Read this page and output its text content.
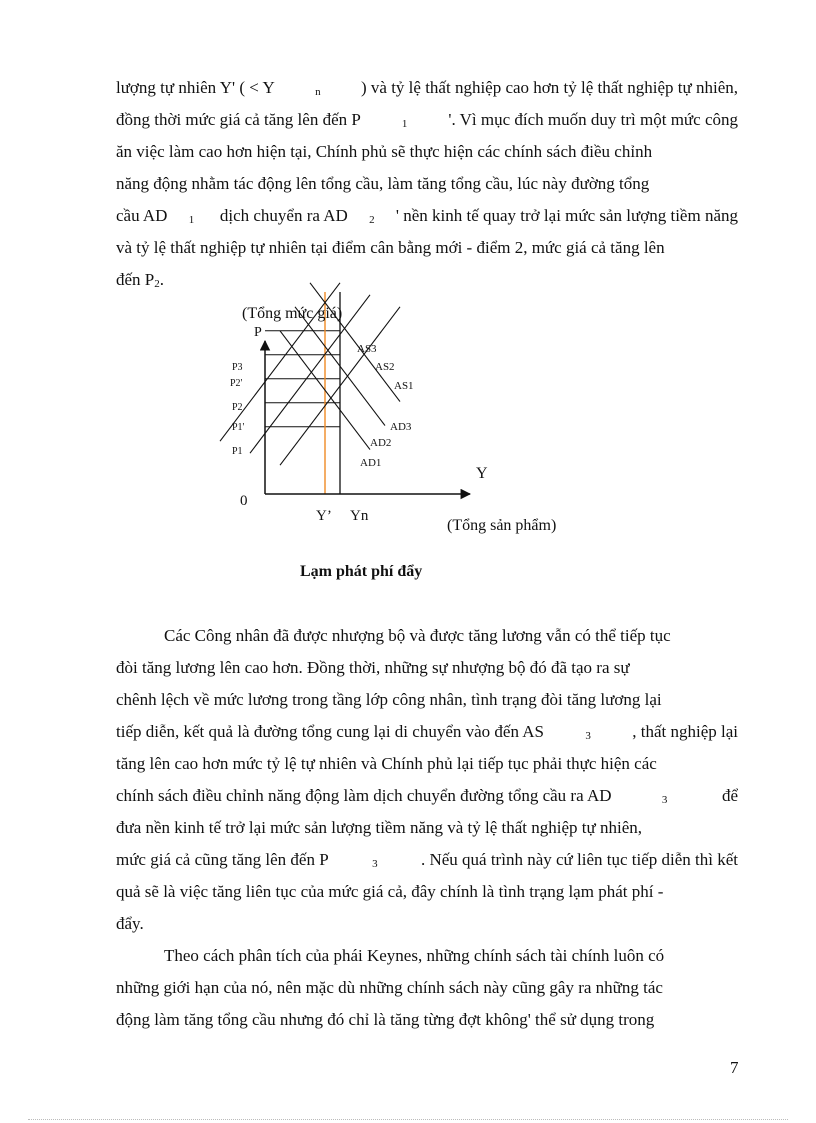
lượng tự nhiên Y' ( < Y	n ) và tỷ lệ thất nghiệp cao hơn tỷ lệ thất nghiệp tự nhiên,
đồng thời mức giá cả tăng lên đến P	1 '. Vì mục đích muốn duy trì một mức công
ăn việc làm cao hơn hiện tại, Chính phủ sẽ thực hiện các chính sách điều chỉnh
năng động nhằm tác động lên tổng cầu, làm tăng tổng cầu, lúc này đường tổng
cầu AD 1 dịch chuyển ra AD 2 ' nền kinh tế quay trở lại mức sản lượng tiềm năng
và tỷ lệ thất nghiệp tự nhiên tại điểm cân bằng mới - điểm 2, mức giá cả tăng lên
đến P 2 .
(Tổng mức giá)
P
Y
(Tổng sản phẩm)
0
Y’ Yn
P3
P2'
P2
P1'
P1
AS3
AS2
AS1
AD3
AD2
AD1
Lạm phát phí đẩy
Các Công nhân đã được nhượng bộ và được tăng lương vẫn có thể tiếp tục
đòi tăng lương lên cao hơn. Đồng thời, những sự nhượng bộ đó đã tạo ra sự
chênh lệch về mức lương trong tầng lớp công nhân, tình trạng đòi tăng lương lại
tiếp diễn, kết quả là đường tổng cung lại di chuyển vào đến AS	3 , thất nghiệp lại
tăng lên cao hơn mức tỷ lệ tự nhiên và Chính phủ lại tiếp tục phải thực hiện các
chính sách điều chỉnh năng động làm dịch chuyển đường tổng cầu ra AD	3	để
đưa nền kinh tế trở lại mức sản lượng tiềm năng và tỷ lệ thất nghiệp tự nhiên,
mức giá cả cũng tăng lên đến P	3	. Nếu quá trình này cứ liên tục tiếp diễn thì kết
quả sẽ là việc tăng liên tục của mức giá cả, đây chính là tình trạng lạm phát phí -
đẩy.
Theo cách phân tích của phái Keynes, những chính sách tài chính luôn có
những giới hạn của nó, nên mặc dù những chính sách này cũng gây ra những tác
động làm tăng tổng cầu nhưng đó chỉ là tăng từng đợt không' thể sử dụng trong
7
